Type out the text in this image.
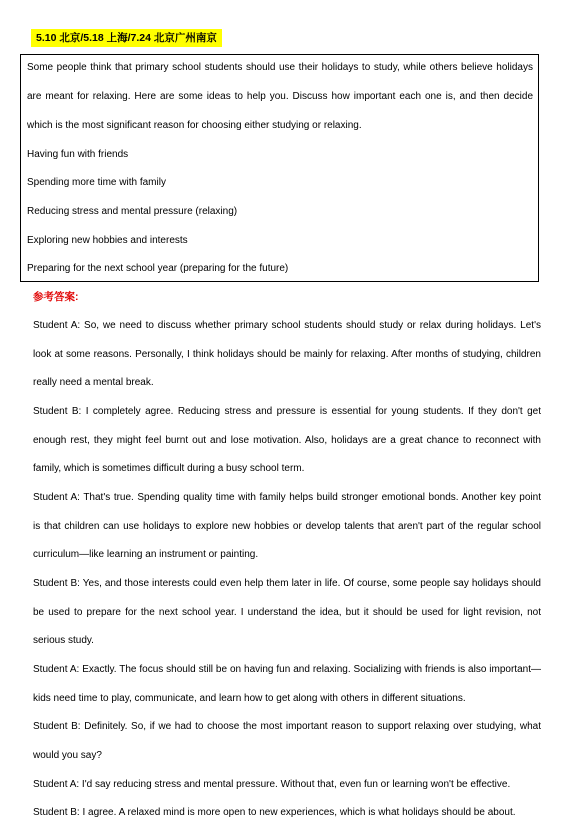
5.10 北京/5.18 上海/7.24 北京广州南京
Some people think that primary school students should use their holidays to study, while others believe holidays
are meant for relaxing. Here are some ideas to help you. Discuss how important each one is, and then decide
which is the most significant reason for choosing either studying or relaxing.
Having fun with friends
Spending more time with family
Reducing stress and mental pressure (relaxing)
Exploring new hobbies and interests
Preparing for the next school year (preparing for the future)
参考答案:
Student A: So, we need to discuss whether primary school students should study or relax during holidays. Let's
look at some reasons. Personally, I think holidays should be mainly for relaxing. After months of studying, children
really need a mental break.
Student B: I completely agree. Reducing stress and pressure is essential for young students. If they don't get
enough rest, they might feel burnt out and lose motivation. Also, holidays are a great chance to reconnect with
family, which is sometimes difficult during a busy school term.
Student A: That's true. Spending quality time with family helps build stronger emotional bonds. Another key point
is that children can use holidays to explore new hobbies or develop talents that aren't part of the regular school
curriculum—like learning an instrument or painting.
Student B: Yes, and those interests could even help them later in life. Of course, some people say holidays should
be used to prepare for the next school year. I understand the idea, but it should be used for light revision, not
serious study.
Student A: Exactly. The focus should still be on having fun and relaxing. Socializing with friends is also important—
kids need time to play, communicate, and learn how to get along with others in different situations.
Student B: Definitely. So, if we had to choose the most important reason to support relaxing over studying, what
would you say?
Student A: I'd say reducing stress and mental pressure. Without that, even fun or learning won't be effective.
Student B: I agree. A relaxed mind is more open to new experiences, which is what holidays should be about.
